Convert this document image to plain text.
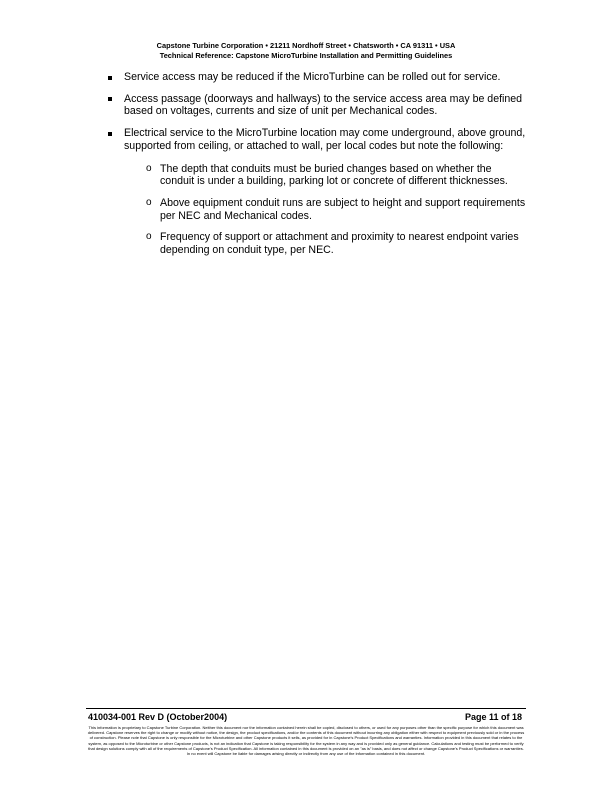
Capstone Turbine Corporation • 21211 Nordhoff Street • Chatsworth • CA 91311 • USA
Technical Reference: Capstone MicroTurbine Installation and Permitting Guidelines
Service access may be reduced if the MicroTurbine can be rolled out for service.
Access passage (doorways and hallways) to the service access area may be defined based on voltages, currents and size of unit per Mechanical codes.
Electrical service to the MicroTurbine location may come underground, above ground, supported from ceiling, or attached to wall, per local codes but note the following:
o The depth that conduits must be buried changes based on whether the conduit is under a building, parking lot or concrete of different thicknesses.
o Above equipment conduit runs are subject to height and support requirements per NEC and Mechanical codes.
o Frequency of support or attachment and proximity to nearest endpoint varies depending on conduit type, per NEC.
410034-001 Rev D (October2004)	Page 11 of 18
This information is proprietary to Capstone Turbine Corporation. Neither this document nor the information contained herein shall be copied, disclosed to others, or used for any purposes other than the specific purpose for which this document was delivered. Capstone reserves the right to change or modify without notice, the design, the product specifications, and/or the contents of this document without incurring any obligation either with respect to equipment previously sold or in the process of construction. Please note that Capstone is only responsible for the Microturbine and other Capstone products it sells, as provided for in Capstone's Product Specifications and warranties. Information provided in this document that relates to the system, as opposed to the Microturbine or other Capstone products, is not an indication that Capstone is taking responsibility for the system in any way and is provided only as general guidance. Calculations and testing must be performed to verify that design solutions comply with all of the requirements of Capstone's Product Specification. All information contained in this document is provided on an "as is" basis, and does not affect or change Capstone's Product Specifications or warranties. In no event will Capstone be liable for damages arising directly or indirectly from any use of the information contained in this document.
